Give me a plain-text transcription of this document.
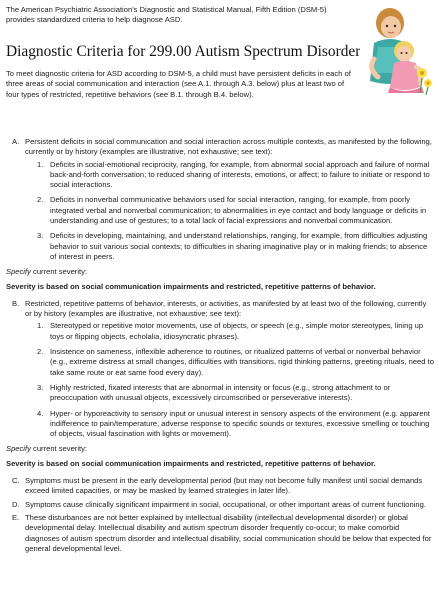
The American Psychiatric Association's Diagnostic and Statistical Manual, Fifth Edition (DSM-5) provides standardized criteria to help diagnose ASD.
Diagnostic Criteria for 299.00 Autism Spectrum Disorder
To meet diagnostic criteria for ASD according to DSM-5, a child must have persistent deficits in each of three areas of social communication and interaction (see A.1. through A.3. below) plus at least two of four types of restricted, repetitive behaviors (see B.1. through B.4. below).
A. Persistent deficits in social communication and social interaction across multiple contexts, as manifested by the following, currently or by history (examples are illustrative, not exhaustive; see text):
1. Deficits in social-emotional reciprocity, ranging, for example, from abnormal social approach and failure of normal back-and-forth conversation; to reduced sharing of interests, emotions, or affect; to failure to initiate or respond to social interactions.
2. Deficits in nonverbal communicative behaviors used for social interaction, ranging, for example, from poorly integrated verbal and nonverbal communication; to abnormalities in eye contact and body language or deficits in understanding and use of gestures; to a total lack of facial expressions and nonverbal communication.
3. Deficits in developing, maintaining, and understand relationships, ranging, for example, from difficulties adjusting behavior to suit various social contexts; to difficulties in sharing imaginative play or in making friends; to absence of interest in peers.
Specify current severity:
Severity is based on social communication impairments and restricted, repetitive patterns of behavior.
B. Restricted, repetitive patterns of behavior, interests, or activities, as manifested by at least two of the following, currently or by history (examples are illustrative, not exhaustive; see text):
1. Stereotyped or repetitive motor movements, use of objects, or speech (e.g., simple motor stereotypes, lining up toys or flipping objects, echolalia, idiosyncratic phrases).
2. Insistence on sameness, inflexible adherence to routines, or ritualized patterns of verbal or nonverbal behavior (e.g., extreme distress at small changes, difficulties with transitions, rigid thinking patterns, greeting rituals, need to take same route or eat same food every day).
3. Highly restricted, fixated interests that are abnormal in intensity or focus (e.g., strong attachment to or preoccupation with unusual objects, excessively circumscribed or perseverative interests).
4. Hyper- or hyporeactivity to sensory input or unusual interest in sensory aspects of the environment (e.g. apparent indifference to pain/temperature, adverse response to specific sounds or textures, excessive smelling or touching of objects, visual fascination with lights or movement).
Specify current severity:
Severity is based on social communication impairments and restricted, repetitive patterns of behavior.
C. Symptoms must be present in the early developmental period (but may not become fully manifest until social demands exceed limited capacities, or may be masked by learned strategies in later life).
D. Symptoms cause clinically significant impairment in social, occupational, or other important areas of current functioning.
E. These disturbances are not better explained by intellectual disability (intellectual developmental disorder) or global developmental delay. Intellectual disability and autism spectrum disorder frequently co-occur; to make comorbid diagnoses of autism spectrum disorder and intellectual disability, social communication should be below that expected for general developmental level.
